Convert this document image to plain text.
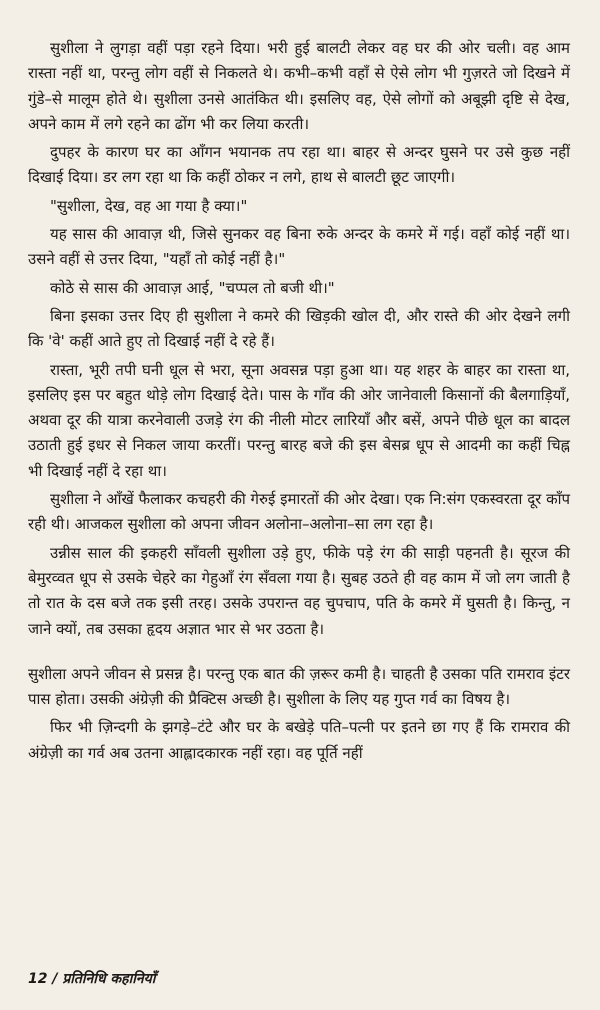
सुशीला ने लुगड़ा वहीं पड़ा रहने दिया। भरी हुई बालटी लेकर वह घर की ओर चली। वह आम रास्ता नहीं था, परन्तु लोग वहीं से निकलते थे। कभी–कभी वहाँ से ऐसे लोग भी गुज़रते जो दिखने में गुंडे–से मालूम होते थे। सुशीला उनसे आतंकित थी। इसलिए वह, ऐसे लोगों को अबूझी दृष्टि से देख, अपने काम में लगे रहने का ढोंग भी कर लिया करती।

दुपहर के कारण घर का आँगन भयानक तप रहा था। बाहर से अन्दर घुसने पर उसे कुछ नहीं दिखाई दिया। डर लग रहा था कि कहीं ठोकर न लगे, हाथ से बालटी छूट जाएगी।

"सुशीला, देख, वह आ गया है क्या।"

यह सास की आवाज़ थी, जिसे सुनकर वह बिना रुके अन्दर के कमरे में गई। वहाँ कोई नहीं था। उसने वहीं से उत्तर दिया, "यहाँ तो कोई नहीं है।"

कोठे से सास की आवाज़ आई, "चप्पल तो बजी थी।"

बिना इसका उत्तर दिए ही सुशीला ने कमरे की खिड़की खोल दी, और रास्ते की ओर देखने लगी कि 'वे' कहीं आते हुए तो दिखाई नहीं दे रहे हैं।

रास्ता, भूरी तपी घनी धूल से भरा, सूना अवसन्न पड़ा हुआ था। यह शहर के बाहर का रास्ता था, इसलिए इस पर बहुत थोड़े लोग दिखाई देते। पास के गाँव की ओर जानेवाली किसानों की बैलगाड़ियाँ, अथवा दूर की यात्रा करनेवाली उजड़े रंग की नीली मोटर लारियाँ और बसें, अपने पीछे धूल का बादल उठाती हुई इधर से निकल जाया करतीं। परन्तु बारह बजे की इस बेसब्र धूप से आदमी का कहीं चिह्न भी दिखाई नहीं दे रहा था।

सुशीला ने आँखें फैलाकर कचहरी की गेरुई इमारतों की ओर देखा। एक नि:संग एकस्वरता दूर काँप रही थी। आजकल सुशीला को अपना जीवन अलोना–अलोना–सा लग रहा है।

उन्नीस साल की इकहरी साँवली सुशीला उड़े हुए, फीके पड़े रंग की साड़ी पहनती है। सूरज की बेमुरव्वत धूप से उसके चेहरे का गेहुआँ रंग सँवला गया है। सुबह उठते ही वह काम में जो लग जाती है तो रात के दस बजे तक इसी तरह। उसके उपरान्त वह चुपचाप, पति के कमरे में घुसती है। किन्तु, न जाने क्यों, तब उसका हृदय अज्ञात भार से भर उठता है।

सुशीला अपने जीवन से प्रसन्न है। परन्तु एक बात की ज़रूर कमी है। चाहती है उसका पति रामराव इंटर पास होता। उसकी अंग्रेज़ी की प्रैक्टिस अच्छी है। सुशीला के लिए यह गुप्त गर्व का विषय है।

फिर भी ज़िन्दगी के झगड़े–टंटे और घर के बखेड़े पति–पत्नी पर इतने छा गए हैं कि रामराव की अंग्रेज़ी का गर्व अब उतना आह्लादकारक नहीं रहा। वह पूर्ति नहीं

12 / प्रतिनिधि कहानियाँ
